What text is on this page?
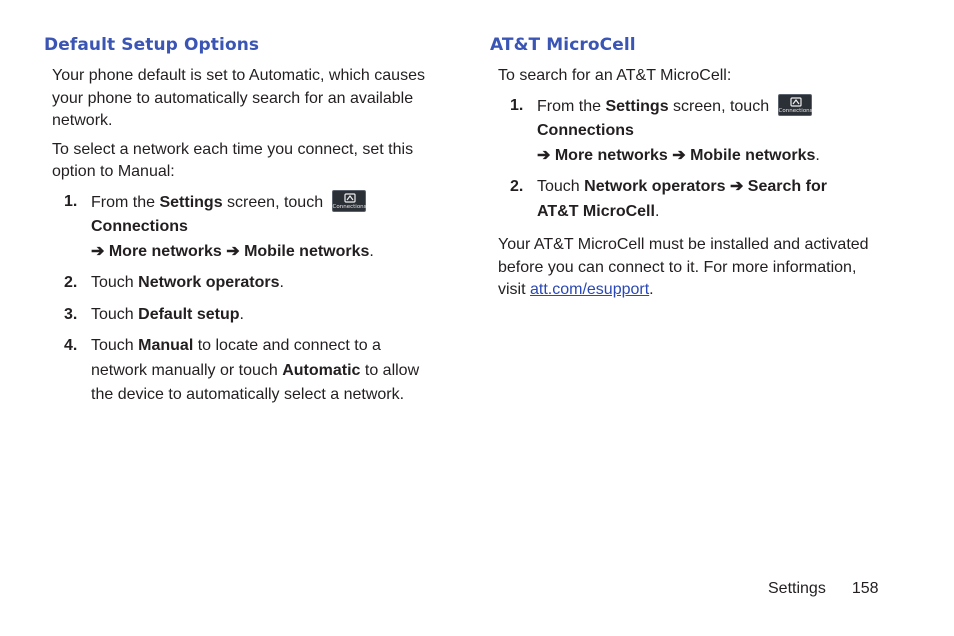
Default Setup Options

Your phone default is set to Automatic, which causes your phone to automatically search for an available network.

To select a network each time you connect, set this option to Manual:

1. From the Settings screen, touch Connections
Connections
➔ More networks ➔ Mobile networks.
2. Touch Network operators.
3. Touch Default setup.
4. Touch Manual to locate and connect to a network manually or touch Automatic to allow the device to automatically select a network.
AT&T MicroCell

To search for an AT&T MicroCell:

1. From the Settings screen, touch Connections
Connections
➔ More networks ➔ Mobile networks.
2. Touch Network operators ➔ Search for
AT&T MicroCell.

Your AT&T MicroCell must be installed and activated before you can connect to it. For more information, visit att.com/esupport.

Settings 158
